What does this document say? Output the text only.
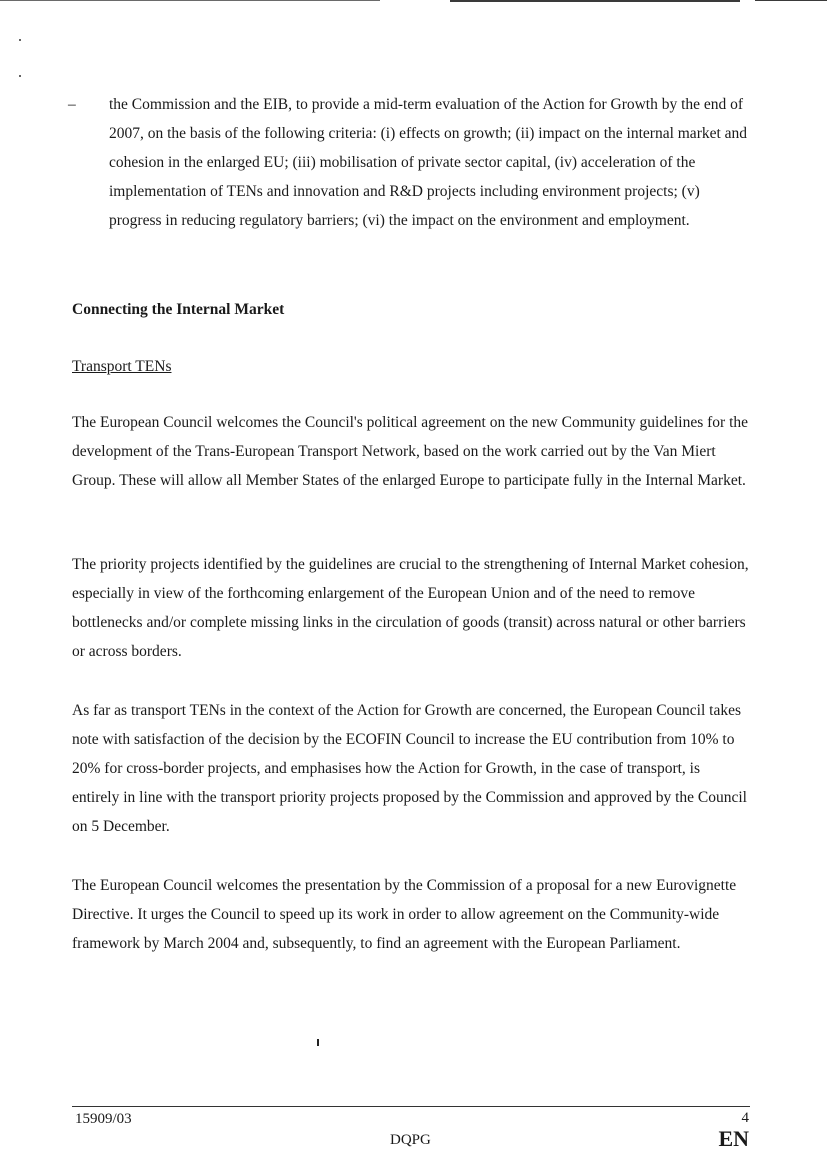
– the Commission and the EIB, to provide a mid-term evaluation of the Action for Growth by the end of 2007, on the basis of the following criteria: (i) effects on growth; (ii) impact on the internal market and cohesion in the enlarged EU; (iii) mobilisation of private sector capital, (iv) acceleration of the implementation of TENs and innovation and R&D projects including environment projects; (v) progress in reducing regulatory barriers; (vi) the impact on the environment and employment.

Connecting the Internal Market

Transport TENs

The European Council welcomes the Council's political agreement on the new Community guidelines for the development of the Trans-European Transport Network, based on the work carried out by the Van Miert Group. These will allow all Member States of the enlarged Europe to participate fully in the Internal Market.

The priority projects identified by the guidelines are crucial to the strengthening of Internal Market cohesion, especially in view of the forthcoming enlargement of the European Union and of the need to remove bottlenecks and/or complete missing links in the circulation of goods (transit) across natural or other barriers or across borders.

As far as transport TENs in the context of the Action for Growth are concerned, the European Council takes note with satisfaction of the decision by the ECOFIN Council to increase the EU contribution from 10% to 20% for cross-border projects, and emphasises how the Action for Growth, in the case of transport, is entirely in line with the transport priority projects proposed by the Commission and approved by the Council on 5 December.

The European Council welcomes the presentation by the Commission of a proposal for a new Eurovignette Directive. It urges the Council to speed up its work in order to allow agreement on the Community-wide framework by March 2004 and, subsequently, to find an agreement with the European Parliament.

15909/03
DQPG
4
EN
